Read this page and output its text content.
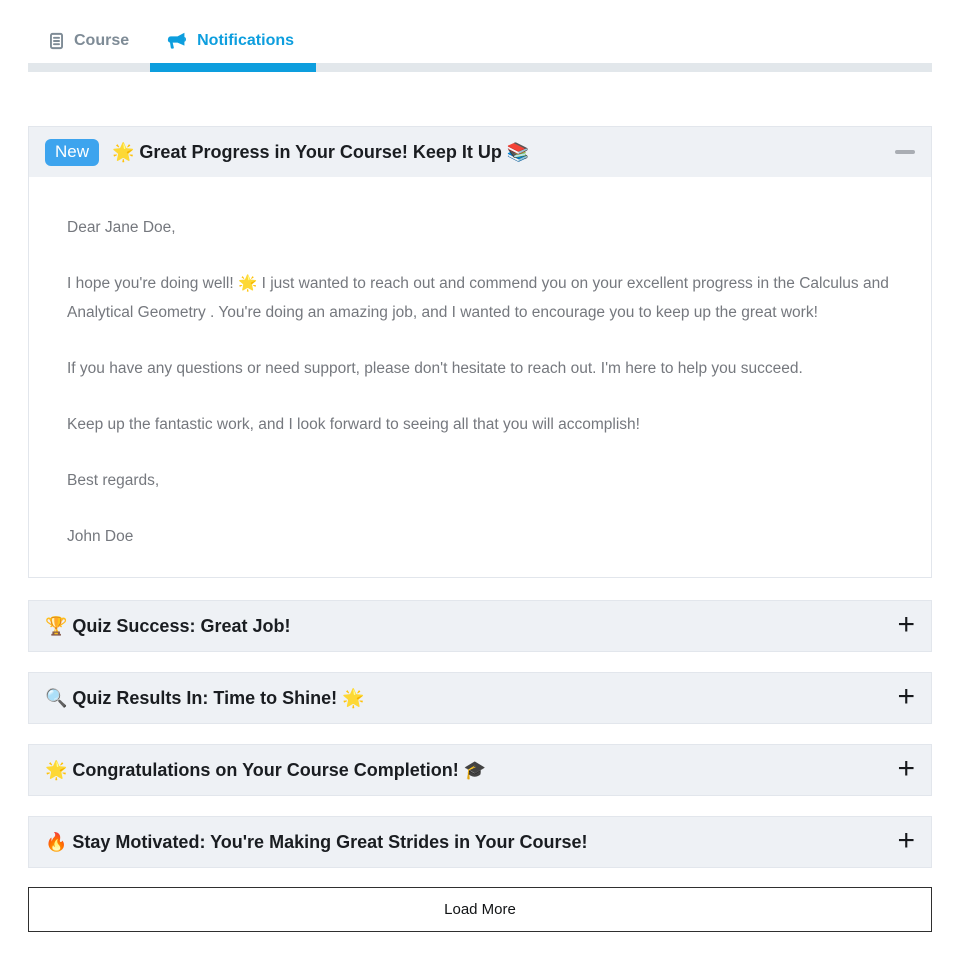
Course	Notifications
New	🌟 Great Progress in Your Course! Keep It Up 📚

Dear Jane Doe,

I hope you're doing well! 🌟 I just wanted to reach out and commend you on your excellent progress in the Calculus and Analytical Geometry . You're doing an amazing job, and I wanted to encourage you to keep up the great work!

If you have any questions or need support, please don't hesitate to reach out. I'm here to help you succeed.

Keep up the fantastic work, and I look forward to seeing all that you will accomplish!

Best regards,

John Doe

🏆 Quiz Success: Great Job!	+
🔍 Quiz Results In: Time to Shine! 🌟	+
🌟 Congratulations on Your Course Completion! 🎓	+
🔥 Stay Motivated: You're Making Great Strides in Your Course!	+
Load More
